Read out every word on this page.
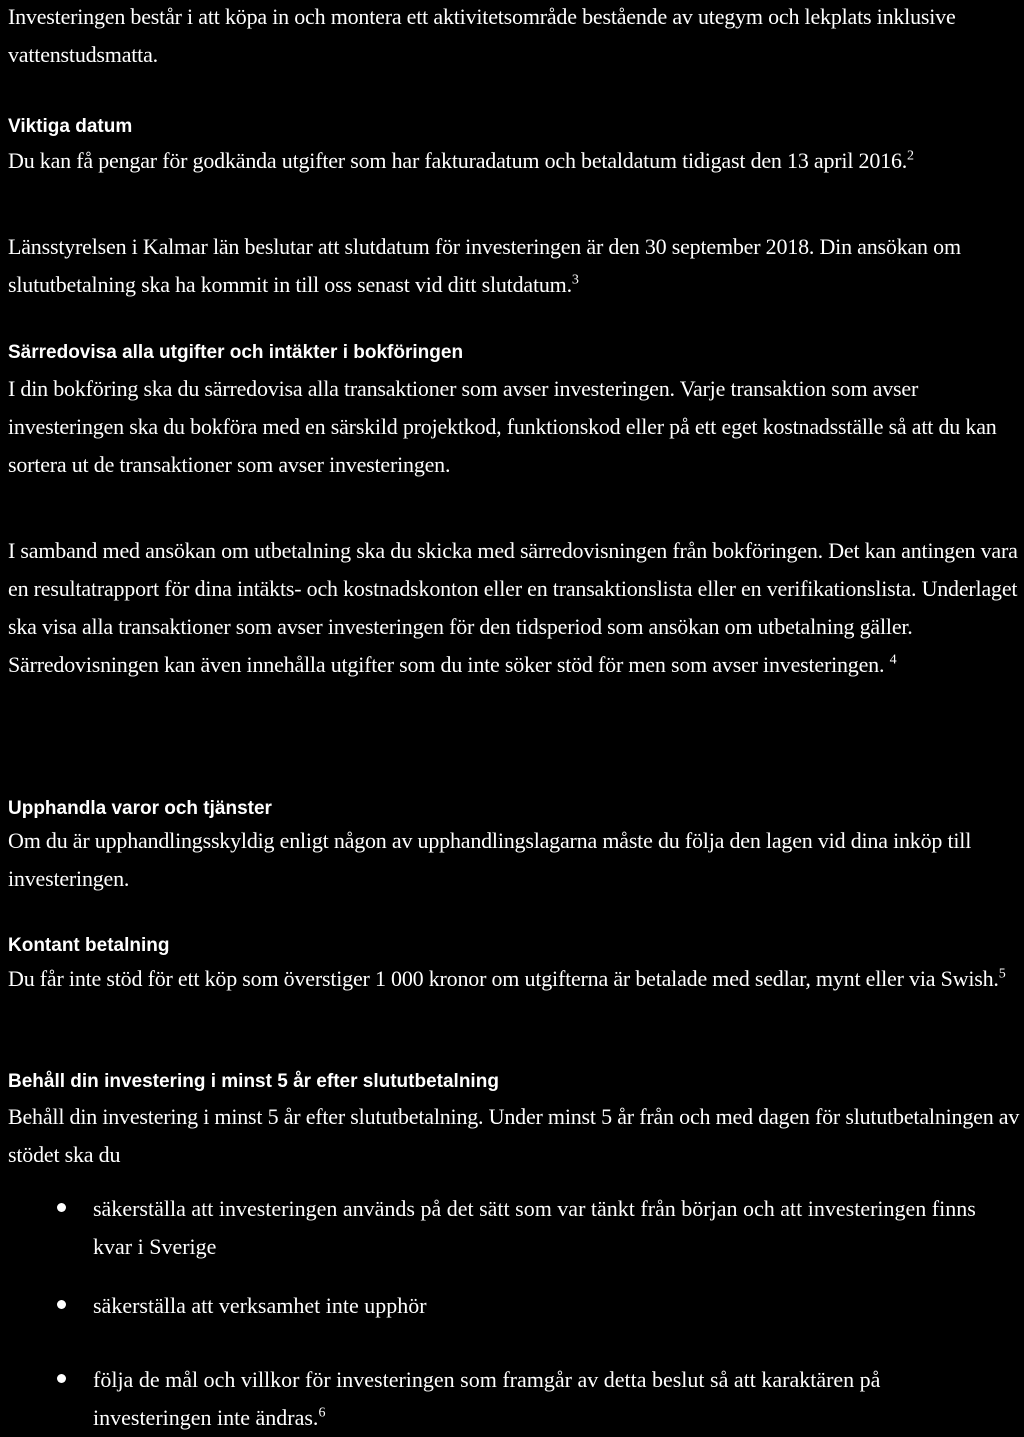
Investeringen består i att köpa in och montera ett aktivitetsområde bestående av utegym och lekplats inklusive vattenstudsmatta.

Viktiga datum

Du kan få pengar för godkända utgifter som har fakturadatum och betaldatum tidigast den 13 april 2016.$^2$

Länsstyrelsen i Kalmar län beslutar att slutdatum för investeringen är den 30 september 2018. Din ansökan om slututbetalning ska ha kommit in till oss senast vid ditt slutdatum.$^3$

Särredovisa alla utgifter och intäkter i bokföringen

I din bokföring ska du särredovisa alla transaktioner som avser investeringen. Varje transaktion som avser investeringen ska du bokföra med en särskild projektkod, funktionskod eller på ett eget kostnadsställe så att du kan sortera ut de transaktioner som avser investeringen.

I samband med ansökan om utbetalning ska du skicka med särredovisningen från bokföringen. Det kan antingen vara en resultatrapport för dina intäkts- och kostnadskonton eller en transaktionslista eller en verifikationslista. Underlaget ska visa alla transaktioner som avser investeringen för den tidsperiod som ansökan om utbetalning gäller. Särredovisningen kan även innehålla utgifter som du inte söker stöd för men som avser investeringen. $^4$

Upphandla varor och tjänster

Om du är upphandlingsskyldig enligt någon av upphandlingslagarna måste du följa den lagen vid dina inköp till investeringen.

Kontant betalning

Du får inte stöd för ett köp som överstiger 1 000 kronor om utgifterna är betalade med sedlar, mynt eller via Swish.$^5$

Behåll din investering i minst 5 år efter slututbetalning

Behåll din investering i minst 5 år efter slututbetalning. Under minst 5 år från och med dagen för slututbetalningen av stödet ska du

säkerställa att investeringen används på det sätt som var tänkt från början och att investeringen finns kvar i Sverige
säkerställa att verksamhet inte upphör
följa de mål och villkor för investeringen som framgår av detta beslut så att karaktären på investeringen inte ändras.$^6$
